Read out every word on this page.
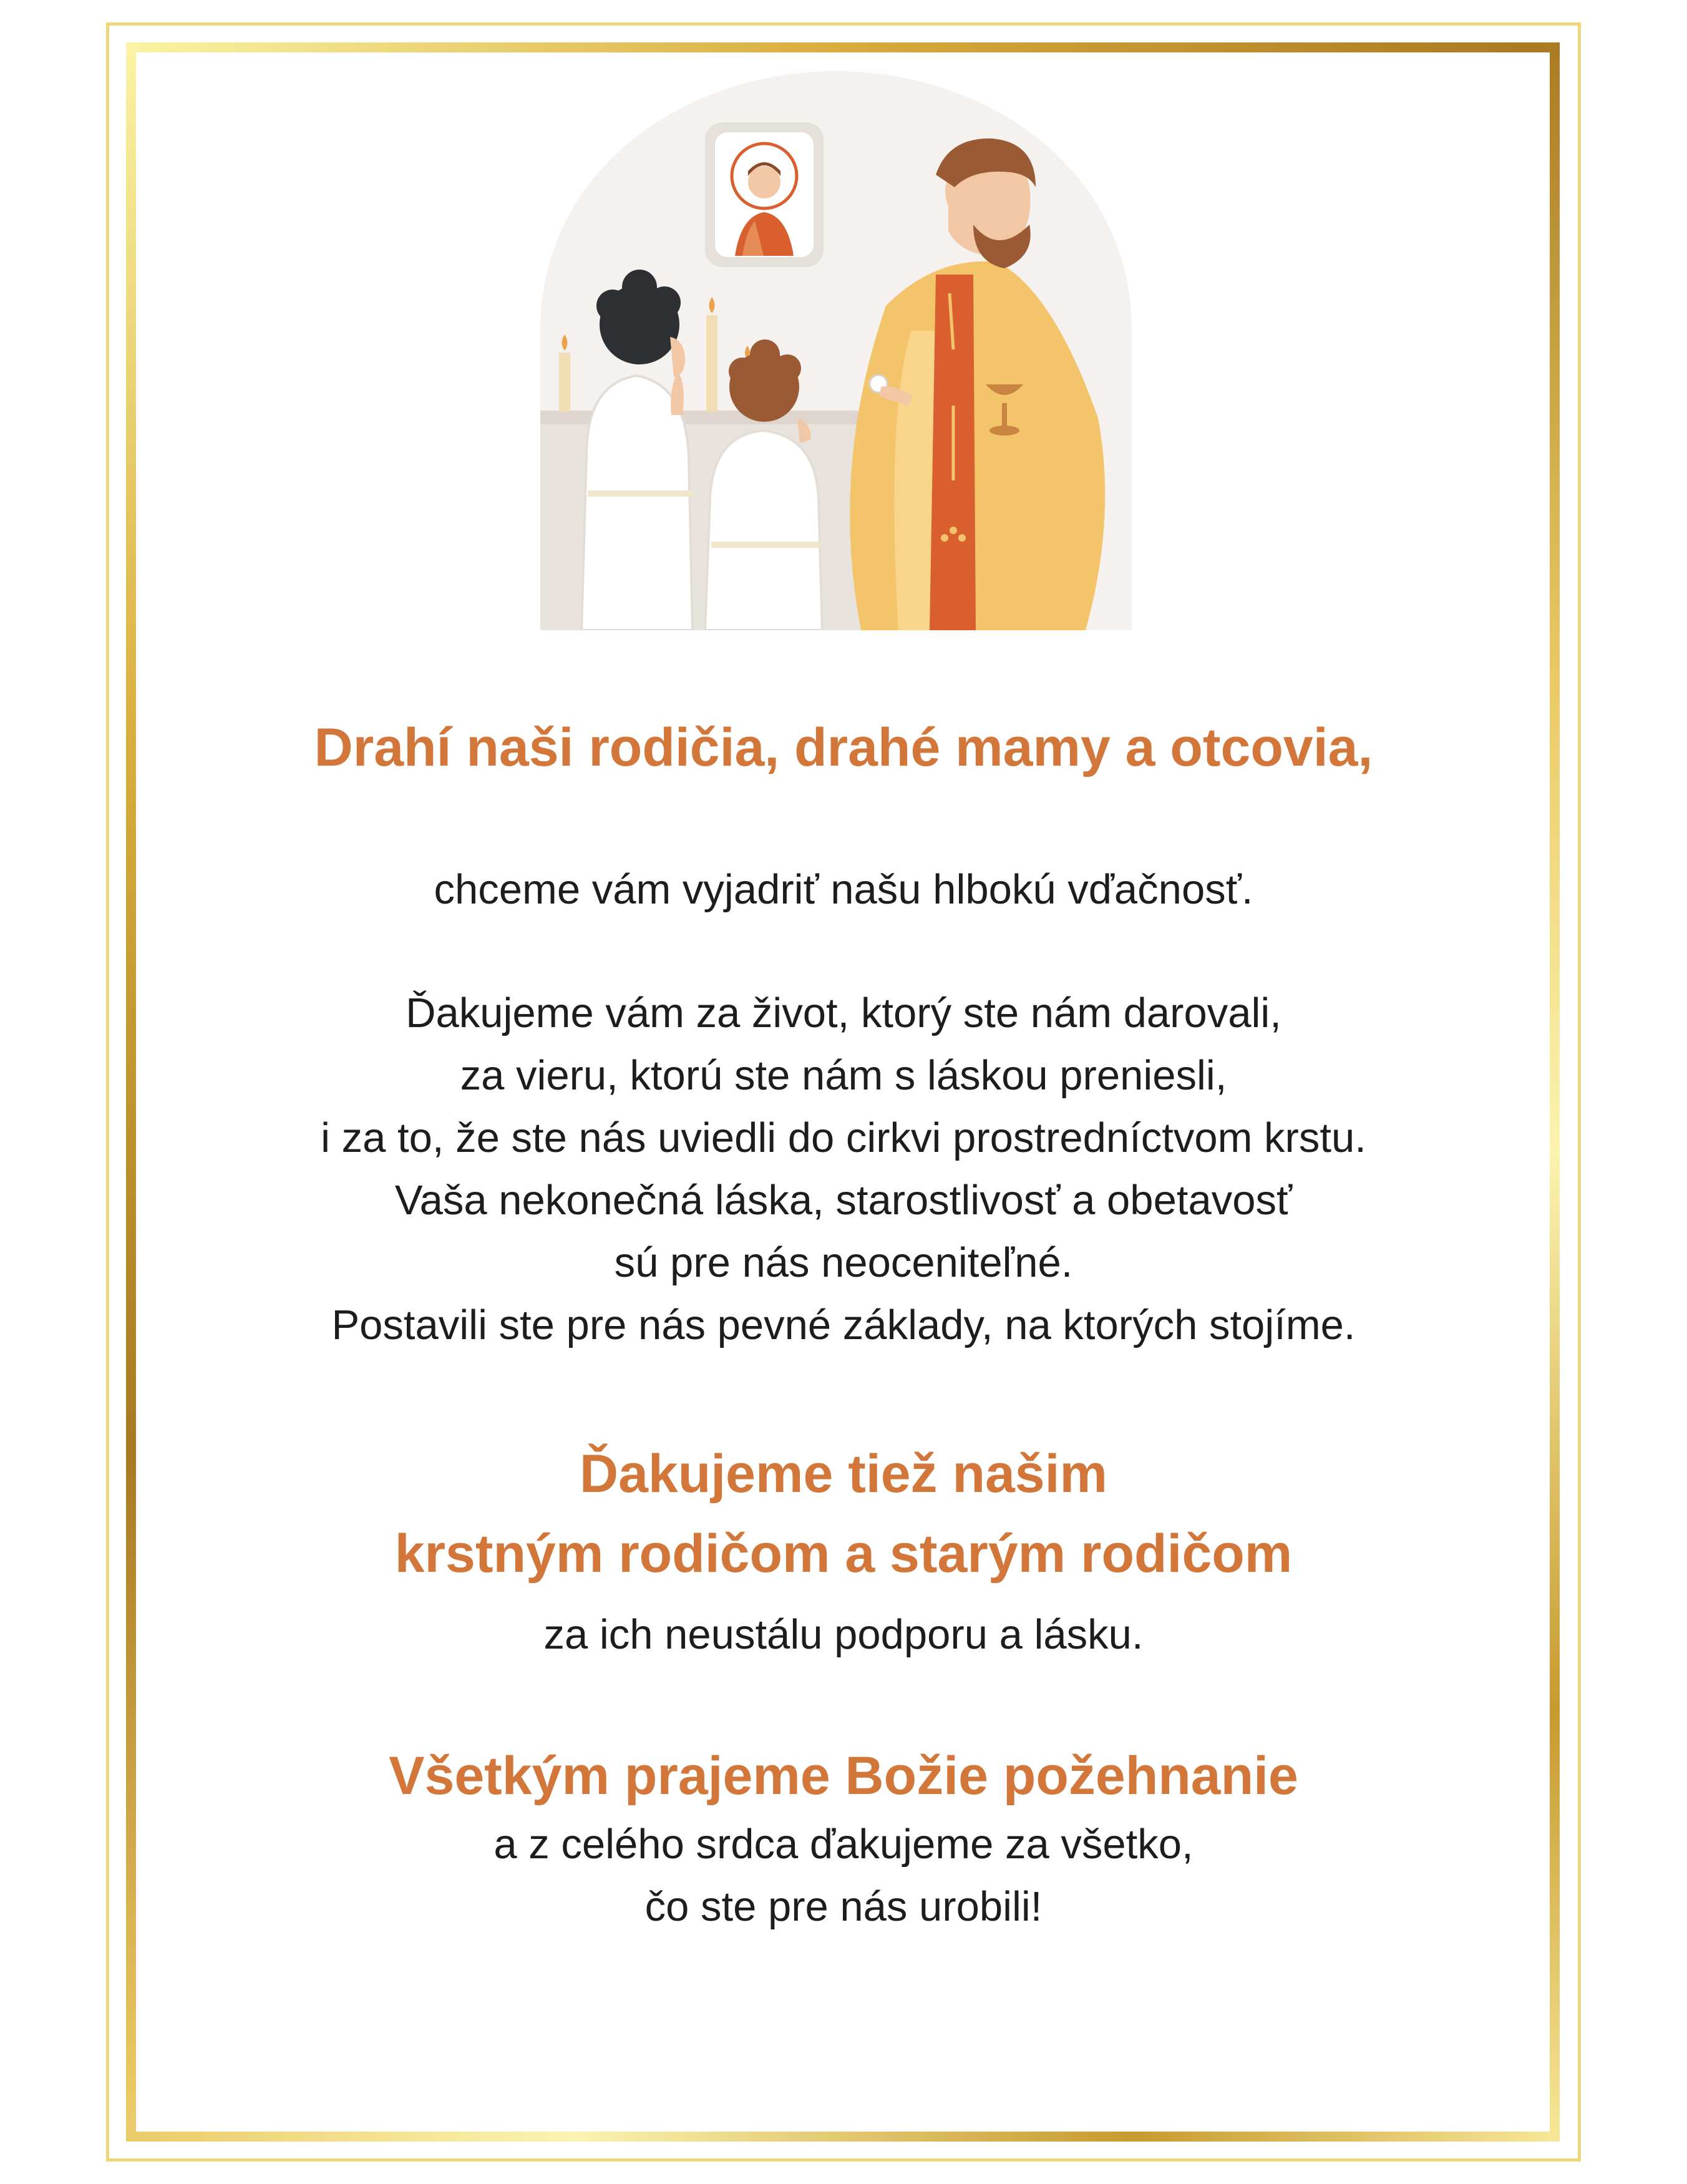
Drahí naši rodičia, drahé mamy a otcovia,

chceme vám vyjadriť našu hlbokú vďačnosť.

Ďakujeme vám za život, ktorý ste nám darovali,
za vieru, ktorú ste nám s láskou preniesli,
i za to, že ste nás uviedli do cirkvi prostredníctvom krstu.
Vaša nekonečná láska, starostlivosť a obetavosť
sú pre nás neoceniteľné.
Postavili ste pre nás pevné základy, na ktorých stojíme.
Ďakujeme tiež našim
krstným rodičom a starým rodičom

za ich neustálu podporu a lásku.

Všetkým prajeme Božie požehnanie
a z celého srdca ďakujeme za všetko,
čo ste pre nás urobili!
